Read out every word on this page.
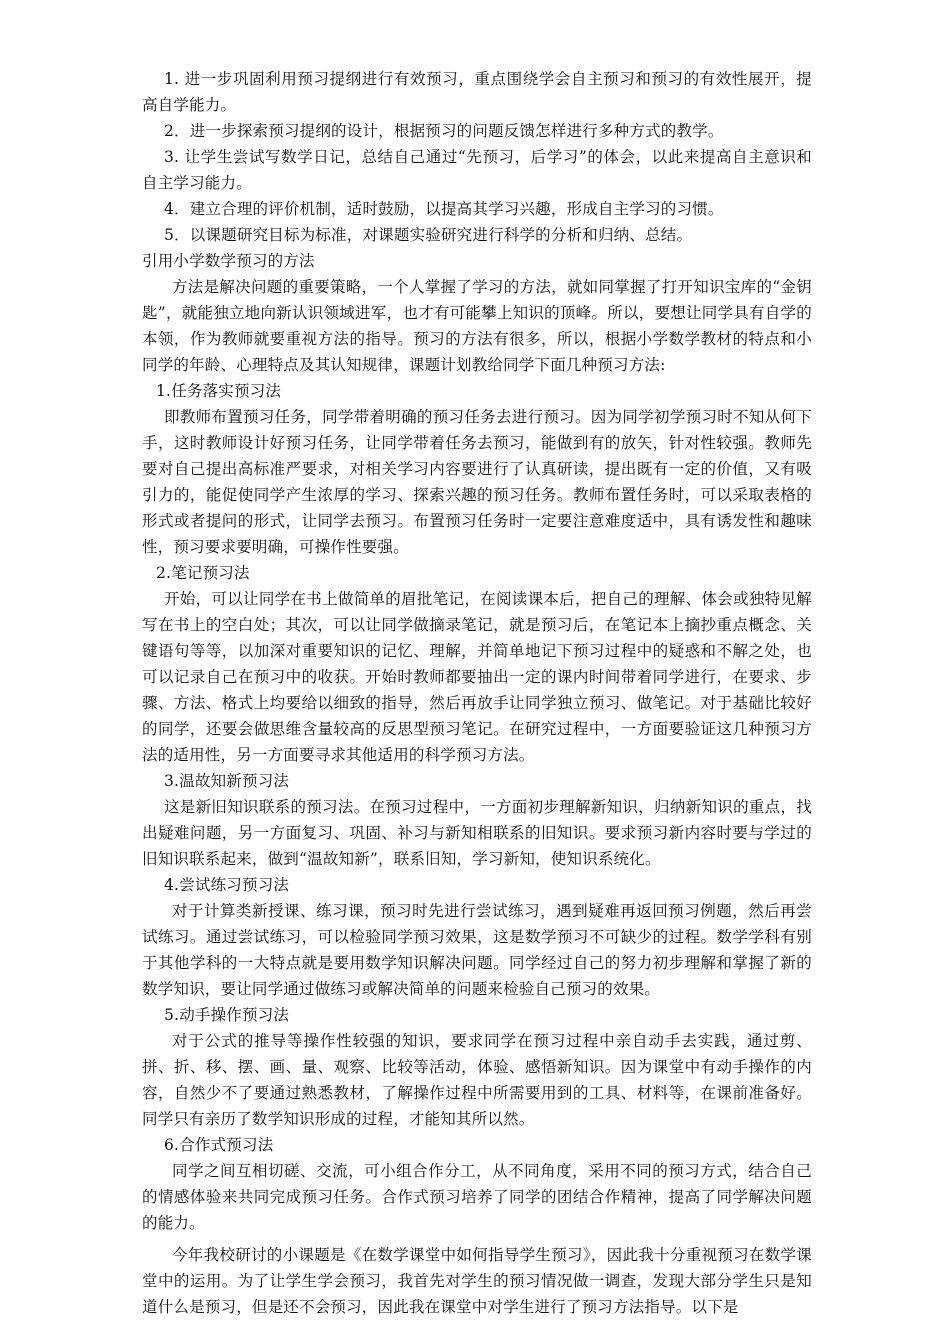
1. 进一步巩固利用预习提纲进行有效预习，重点围绕学会自主预习和预习的有效性展开，提高自学能力。

2．进一步探索预习提纲的设计，根据预习的问题反馈怎样进行多种方式的教学。

3. 让学生尝试写数学日记，总结自己通过“先预习，后学习”的体会，以此来提高自主意识和自主学习能力。

4．建立合理的评价机制，适时鼓励，以提高其学习兴趣，形成自主学习的习惯。

5．以课题研究目标为标准，对课题实验研究进行科学的分析和归纳、总结。

引用小学数学预习的方法

方法是解决问题的重要策略，一个人掌握了学习的方法，就如同掌握了打开知识宝库的“金钥匙”，就能独立地向新认识领域进军，也才有可能攀上知识的顶峰。所以，要想让同学具有自学的本领，作为教师就要重视方法的指导。预习的方法有很多，所以，根据小学数学教材的特点和小同学的年龄、心理特点及其认知规律，课题计划教给同学下面几种预习方法:

1.任务落实预习法

即教师布置预习任务，同学带着明确的预习任务去进行预习。因为同学初学预习时不知从何下手，这时教师设计好预习任务，让同学带着任务去预习，能做到有的放矢，针对性较强。教师先要对自己提出高标准严要求，对相关学习内容要进行了认真研读，提出既有一定的价值，又有吸引力的，能促使同学产生浓厚的学习、探索兴趣的预习任务。教师布置任务时，可以采取表格的形式或者提问的形式，让同学去预习。布置预习任务时一定要注意难度适中，具有诱发性和趣味性，预习要求要明确，可操作性要强。

2.笔记预习法

开始，可以让同学在书上做简单的眉批笔记，在阅读课本后，把自己的理解、体会或独特见解写在书上的空白处；其次，可以让同学做摘录笔记，就是预习后，在笔记本上摘抄重点概念、关键语句等等，以加深对重要知识的记忆、理解，并简单地记下预习过程中的疑惑和不解之处，也可以记录自己在预习中的收获。开始时教师都要抽出一定的课内时间带着同学进行，在要求、步骤、方法、格式上均要给以细致的指导，然后再放手让同学独立预习、做笔记。对于基础比较好的同学，还要会做思维含量较高的反思型预习笔记。在研究过程中，一方面要验证这几种预习方法的适用性，另一方面要寻求其他适用的科学预习方法。

3.温故知新预习法

这是新旧知识联系的预习法。在预习过程中，一方面初步理解新知识，归纳新知识的重点，找出疑难问题，另一方面复习、巩固、补习与新知相联系的旧知识。要求预习新内容时要与学过的旧知识联系起来，做到“温故知新”，联系旧知，学习新知，使知识系统化。

4.尝试练习预习法

对于计算类新授课、练习课，预习时先进行尝试练习，遇到疑难再返回预习例题，然后再尝试练习。通过尝试练习，可以检验同学预习效果，这是数学预习不可缺少的过程。数学学科有别于其他学科的一大特点就是要用数学知识解决问题。同学经过自己的努力初步理解和掌握了新的数学知识，要让同学通过做练习或解决简单的问题来检验自己预习的效果。

5.动手操作预习法

对于公式的推导等操作性较强的知识，要求同学在预习过程中亲自动手去实践，通过剪、拼、折、移、摆、画、量、观察、比较等活动，体验、感悟新知识。因为课堂中有动手操作的内容，自然少不了要通过熟悉教材，了解操作过程中所需要用到的工具、材料等，在课前准备好。同学只有亲历了数学知识形成的过程，才能知其所以然。

6.合作式预习法

同学之间互相切磋、交流，可小组合作分工，从不同角度，采用不同的预习方式，结合自己的情感体验来共同完成预习任务。合作式预习培养了同学的团结合作精神，提高了同学解决问题的能力。

今年我校研讨的小课题是《在数学课堂中如何指导学生预习》，因此我十分重视预习在数学课堂中的运用。为了让学生学会预习，我首先对学生的预习情况做一调查，发现大部分学生只是知道什么是预习，但是还不会预习，因此我在课堂中对学生进行了预习方法指导。以下是
